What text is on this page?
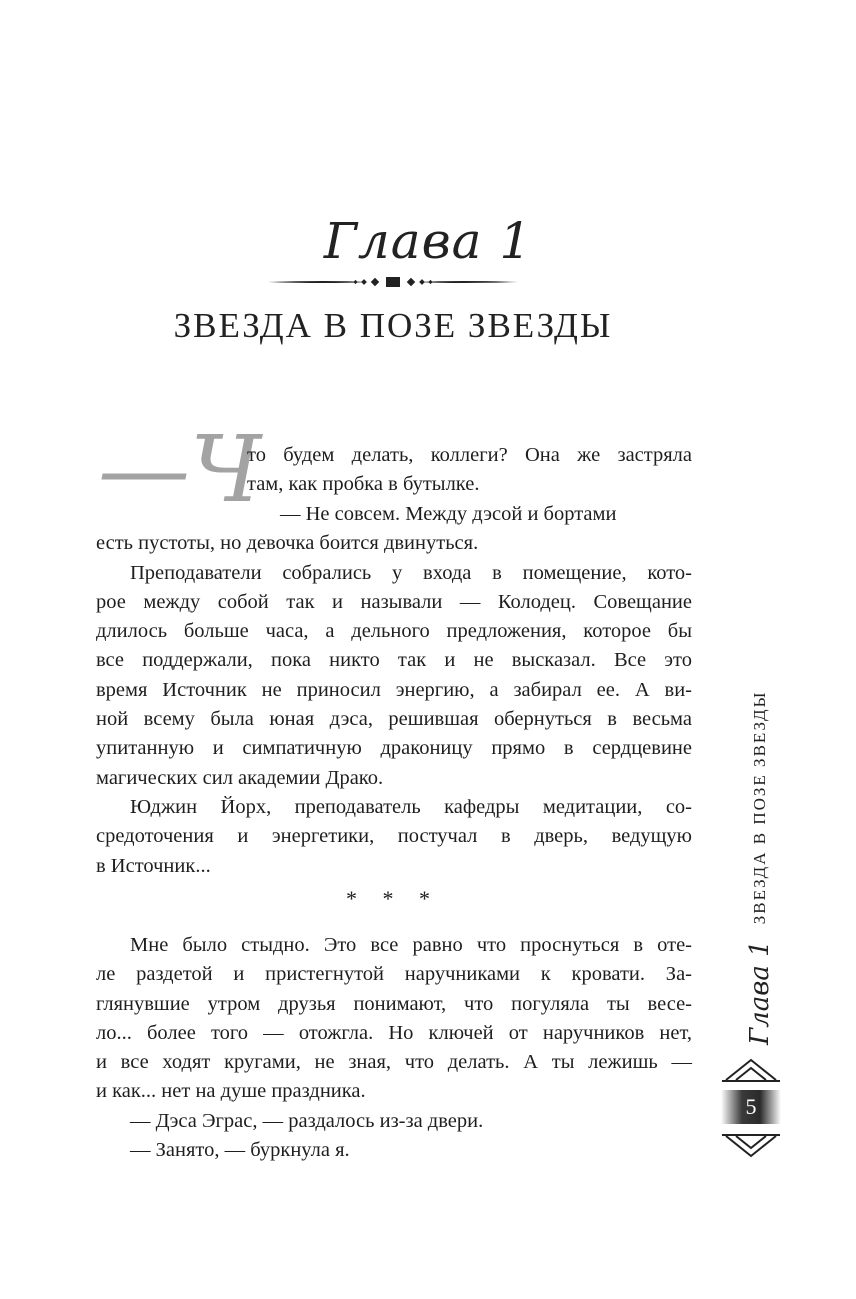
Глава 1
ЗВЕЗДА В ПОЗЕ ЗВЕЗДЫ
—Ч
то будем делать, коллеги? Она же застряла
там, как пробка в бутылке.
— Не совсем. Между дэсой и бортами
есть пустоты, но девочка боится двинуться.
Преподаватели собрались у входа в помещение, кото-
рое между собой так и называли — Колодец. Совещание
длилось больше часа, а дельного предложения, которое бы
все поддержали, пока никто так и не высказал. Все это
время Источник не приносил энергию, а забирал ее. А ви-
ной всему была юная дэса, решившая обернуться в весьма
упитанную и симпатичную драконицу прямо в сердцевине
магических сил академии Драко.
Юджин Йорх, преподаватель кафедры медитации, со-
средоточения и энергетики, постучал в дверь, ведущую
в Источник...
* * *
Мне было стыдно. Это все равно что проснуться в оте-
ле раздетой и пристегнутой наручниками к кровати. За-
глянувшие утром друзья понимают, что погуляла ты весе-
ло... более того — отожгла. Но ключей от наручников нет,
и все ходят кругами, не зная, что делать. А ты лежишь —
и как... нет на душе праздника.
— Дэса Эграс, — раздалось из-за двери.
— Занято, — буркнула я.
Глава 1
ЗВЕЗДА В ПОЗЕ ЗВЕЗДЫ
5
